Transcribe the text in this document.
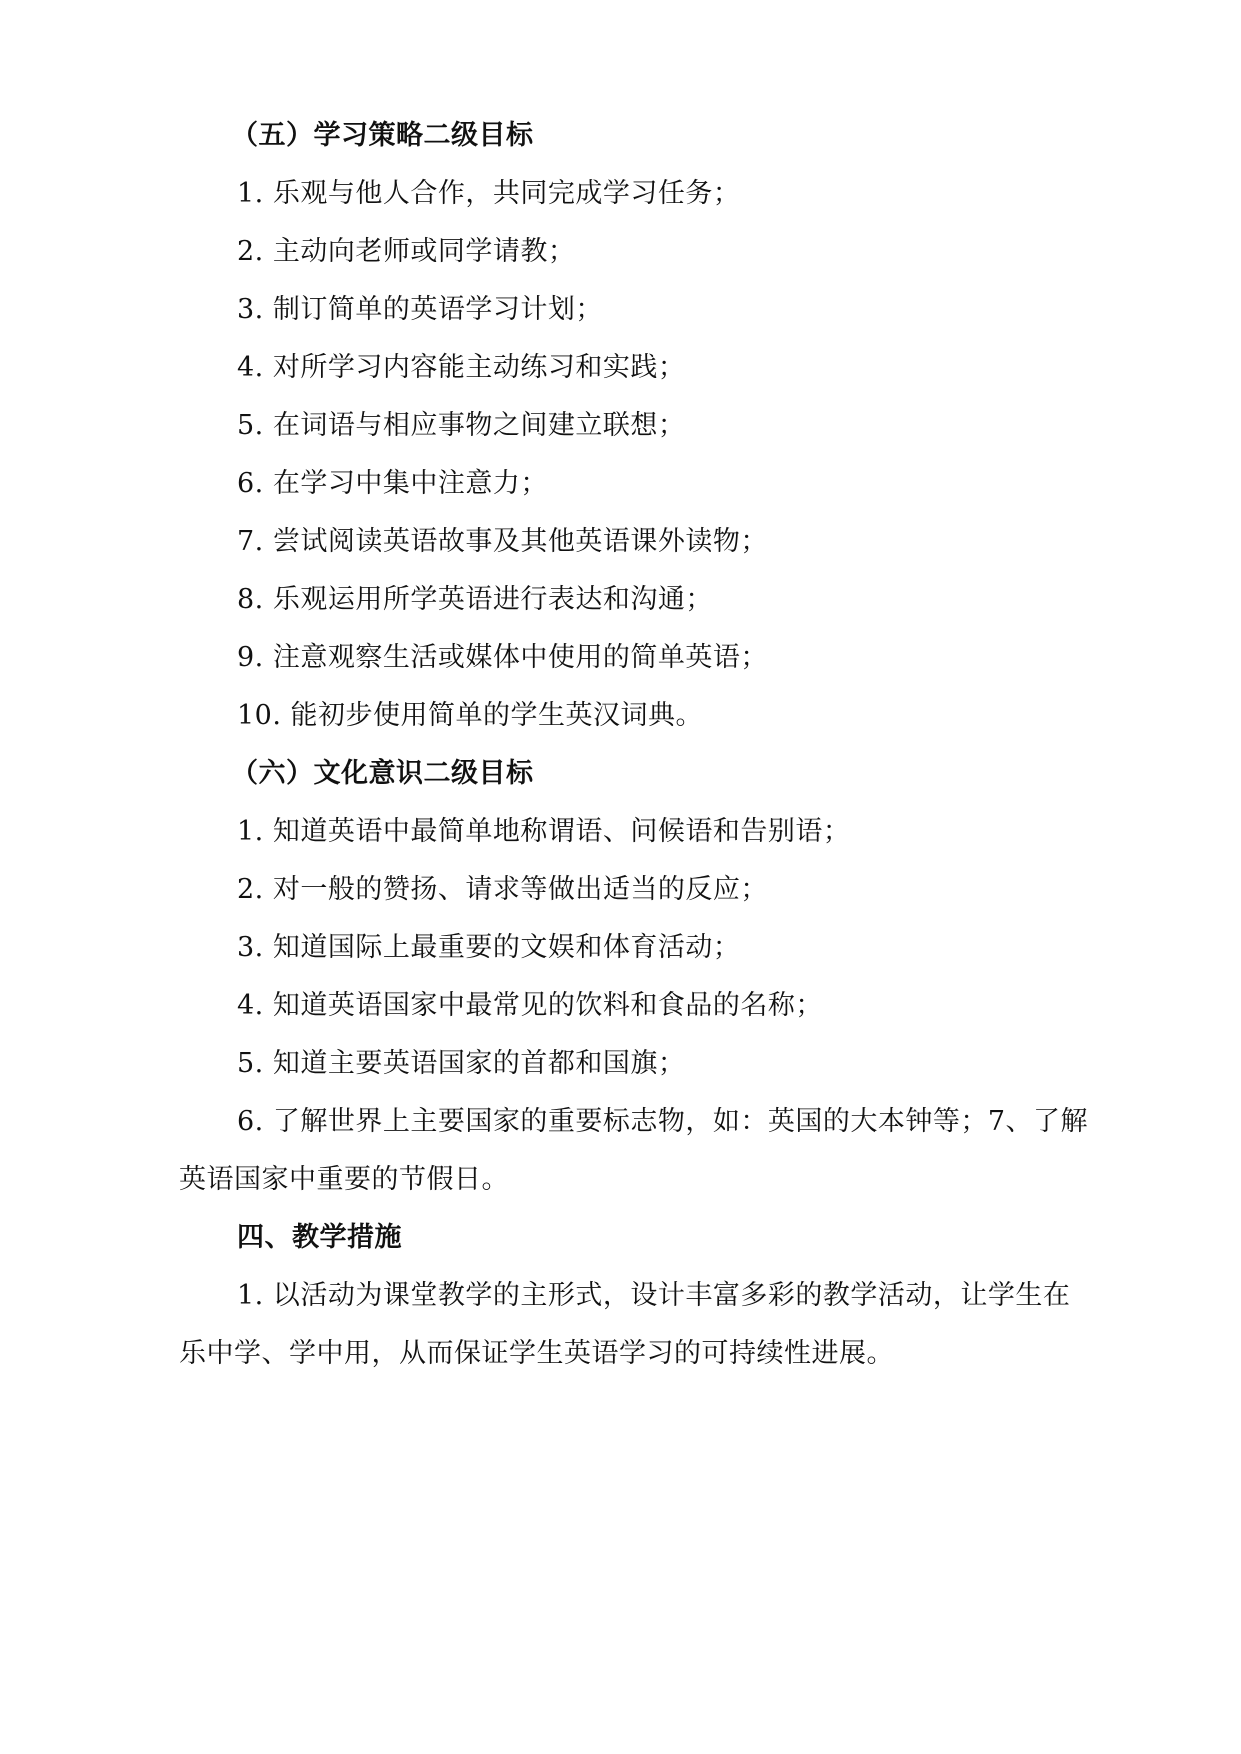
（五）学习策略二级目标
1. 乐观与他人合作，共同完成学习任务；
2. 主动向老师或同学请教；
3. 制订简单的英语学习计划；
4. 对所学习内容能主动练习和实践；
5. 在词语与相应事物之间建立联想；
6. 在学习中集中注意力；
7. 尝试阅读英语故事及其他英语课外读物；
8. 乐观运用所学英语进行表达和沟通；
9. 注意观察生活或媒体中使用的简单英语；
10. 能初步使用简单的学生英汉词典。
（六）文化意识二级目标
1. 知道英语中最简单地称谓语、问候语和告别语；
2. 对一般的赞扬、请求等做出适当的反应；
3. 知道国际上最重要的文娱和体育活动；
4. 知道英语国家中最常见的饮料和食品的名称；
5. 知道主要英语国家的首都和国旗；
6. 了解世界上主要国家的重要标志物，如：英国的大本钟等；7、了解
英语国家中重要的节假日。
四、教学措施
1. 以活动为课堂教学的主形式，设计丰富多彩的教学活动，让学生在
乐中学、学中用，从而保证学生英语学习的可持续性进展。
